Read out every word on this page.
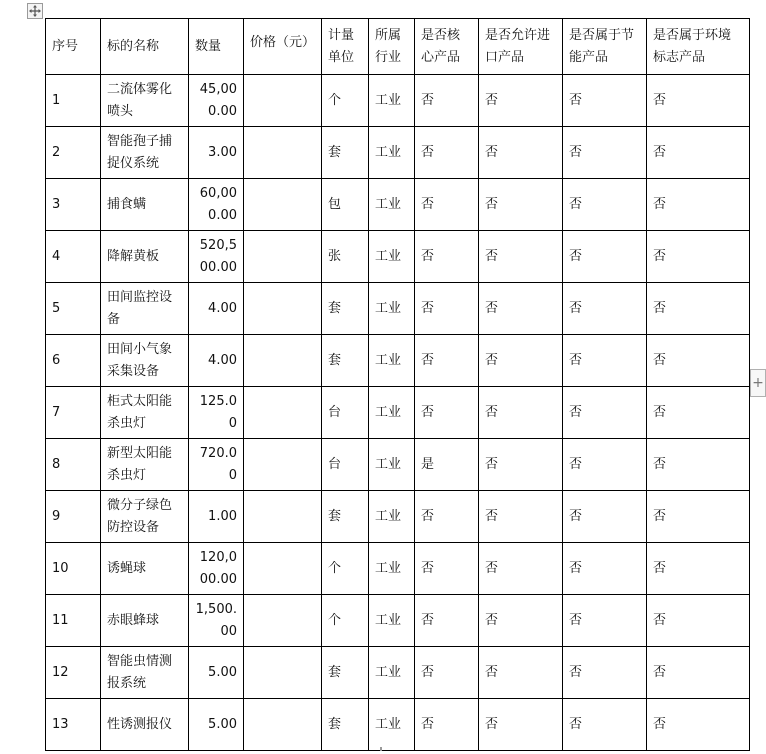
+
序号	标的名称	数量	价格（元）	计量单位	所属行业	是否核心产品	是否允许进口产品	是否属于节能产品	是否属于环境标志产品
1	二流体雾化喷头	45,000.00		个	工业	否	否	否	否
2	智能孢子捕捉仪系统	3.00		套	工业	否	否	否	否
3	捕食螨	60,000.00		包	工业	否	否	否	否
4	降解黄板	520,500.00		张	工业	否	否	否	否
5	田间监控设备	4.00		套	工业	否	否	否	否
6	田间小气象采集设备	4.00		套	工业	否	否	否	否
7	柜式太阳能杀虫灯	125.00		台	工业	否	否	否	否
8	新型太阳能杀虫灯	720.00		台	工业	是	否	否	否
9	微分子绿色防控设备	1.00		套	工业	否	否	否	否
10	诱蝇球	120,000.00		个	工业	否	否	否	否
11	赤眼蜂球	1,500.00		个	工业	否	否	否	否
12	智能虫情测报系统	5.00		套	工业	否	否	否	否
13	性诱测报仪	5.00		套	工业	否	否	否	否
